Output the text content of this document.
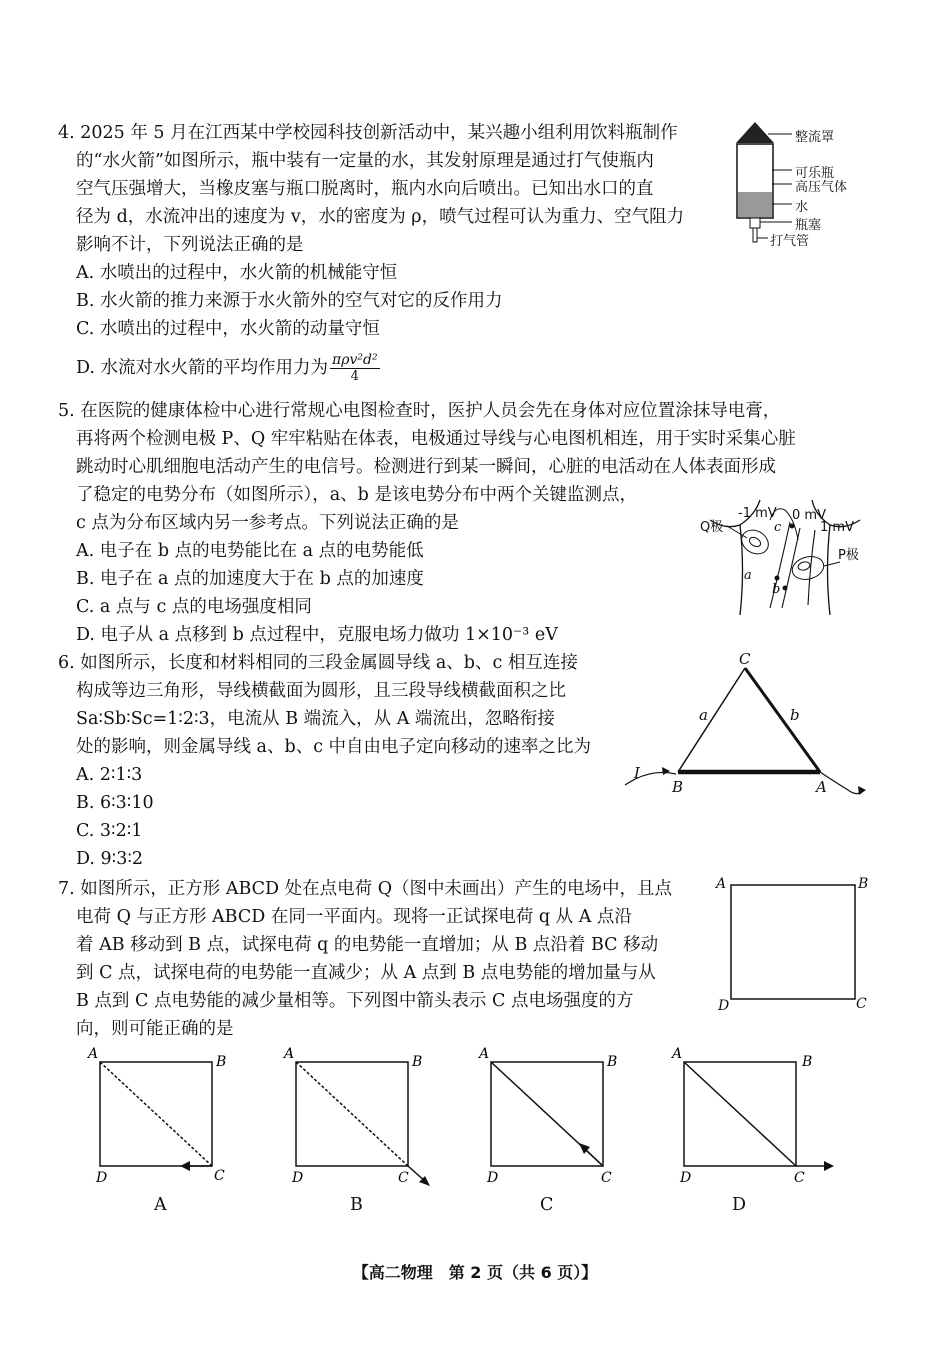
4. 2025 年 5 月在江西某中学校园科技创新活动中，某兴趣小组利用饮料瓶制作
的“水火箭”如图所示，瓶中装有一定量的水，其发射原理是通过打气使瓶内
空气压强增大，当橡皮塞与瓶口脱离时，瓶内水向后喷出。已知出水口的直
径为 d，水流冲出的速度为 v，水的密度为 ρ，喷气过程可认为重力、空气阻力
影响不计，下列说法正确的是
A. 水喷出的过程中，水火箭的机械能守恒
B. 水火箭的推力来源于水火箭外的空气对它的反作用力
C. 水喷出的过程中，水火箭的动量守恒
D. 水流对水火箭的平均作用力为 $\frac{\text{πρv²d²}}{4}$
整流罩
可乐瓶
高压气体
水
瓶塞
打气管
5. 在医院的健康体检中心进行常规心电图检查时，医护人员会先在身体对应位置涂抹导电膏，
再将两个检测电极 P、Q 牢牢粘贴在体表，电极通过导线与心电图机相连，用于实时采集心脏
跳动时心肌细胞电活动产生的电信号。检测进行到某一瞬间，心脏的电活动在人体表面形成
了稳定的电势分布（如图所示），a、b 是该电势分布中两个关键监测点，
c 点为分布区域内另一参考点。下列说法正确的是
A. 电子在 b 点的电势能比在 a 点的电势能低
B. 电子在 a 点的加速度大于在 b 点的加速度
C. a 点与 c 点的电场强度相同
D. 电子从 a 点移到 b 点过程中，克服电场力做功 1×10⁻³ eV
-1 mV 0 mV
1 mV
Q极
P极
a
b
c
6. 如图所示，长度和材料相同的三段金属圆导线 a、b、c 相互连接
构成等边三角形，导线横截面为圆形，且三段导线横截面积之比
Sa∶Sb∶Sc=1∶2∶3，电流从 B 端流入，从 A 端流出，忽略衔接
处的影响，则金属导线 a、b、c 中自由电子定向移动的速率之比为
A. 2∶1∶3
B. 6∶3∶10
C. 3∶2∶1
D. 9∶3∶2
C
a	b
I
B	A
7. 如图所示，正方形 ABCD 处在点电荷 Q（图中未画出）产生的电场中，且点
电荷 Q 与正方形 ABCD 在同一平面内。现将一正试探电荷 q 从 A 点沿
着 AB 移动到 B 点，试探电荷 q 的电势能一直增加；从 B 点沿着 BC 移动
到 C 点，试探电荷的电势能一直减少；从 A 点到 B 点电势能的增加量与从
B 点到 C 点电势能的减少量相等。下列图中箭头表示 C 点电场强度的方
向，则可能正确的是
A	B
C
D
A	B
C
D
A
A	B
C
D
B
A	B
C
D
C
A	B
C
D
D
【高二物理　第 2 页（共 6 页）】
